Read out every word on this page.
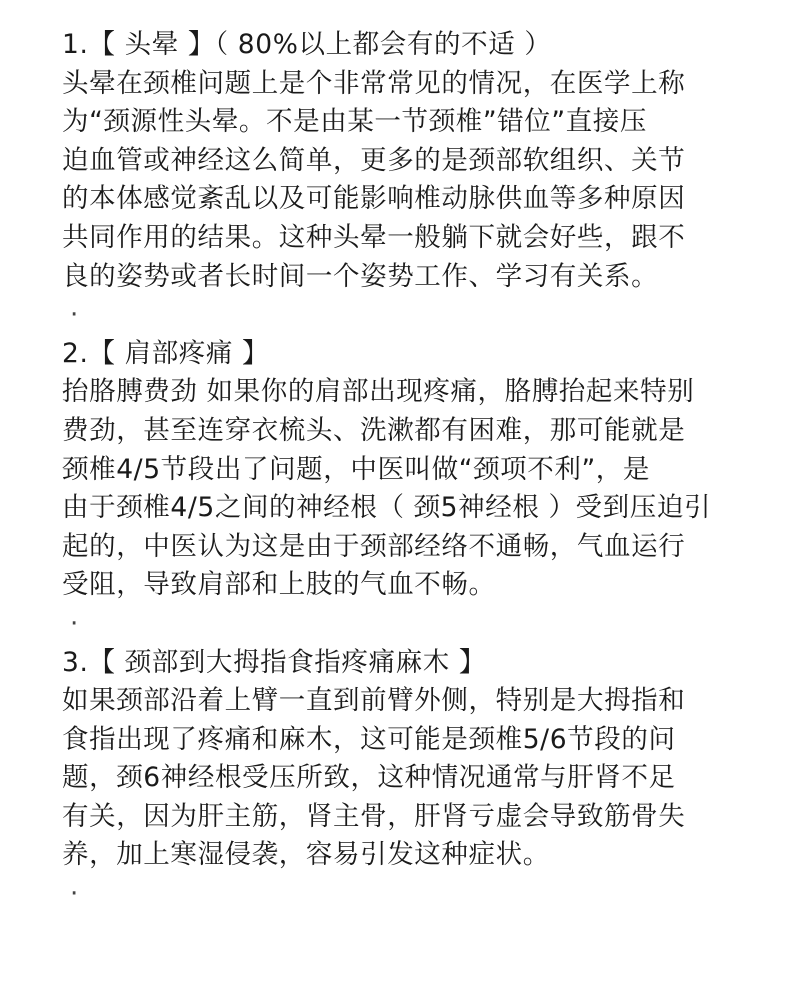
1.【 头晕 】（ 80%以上都会有的不适 ）
头晕在颈椎问题上是个非常常见的情况，在医学上称
为“颈源性头晕。不是由某一节颈椎”错位”直接压
迫血管或神经这么简单，更多的是颈部软组织、关节
的本体感觉紊乱以及可能影响椎动脉供血等多种原因
共同作用的结果。这种头晕一般躺下就会好些，跟不
良的姿势或者长时间一个姿势工作、学习有关系。
·
2.【 肩部疼痛 】
抬胳膊费劲 如果你的肩部出现疼痛，胳膊抬起来特别
费劲，甚至连穿衣梳头、洗漱都有困难，那可能就是
颈椎4/5节段出了问题，中医叫做“颈项不利”，是
由于颈椎4/5之间的神经根（ 颈5神经根 ）受到压迫引
起的，中医认为这是由于颈部经络不通畅，气血运行
受阻，导致肩部和上肢的气血不畅。
·
3.【 颈部到大拇指食指疼痛麻木 】
如果颈部沿着上臂一直到前臂外侧，特别是大拇指和
食指出现了疼痛和麻木，这可能是颈椎5/6节段的问
题，颈6神经根受压所致，这种情况通常与肝肾不足
有关，因为肝主筋，肾主骨，肝肾亏虚会导致筋骨失
养，加上寒湿侵袭，容易引发这种症状。
·
